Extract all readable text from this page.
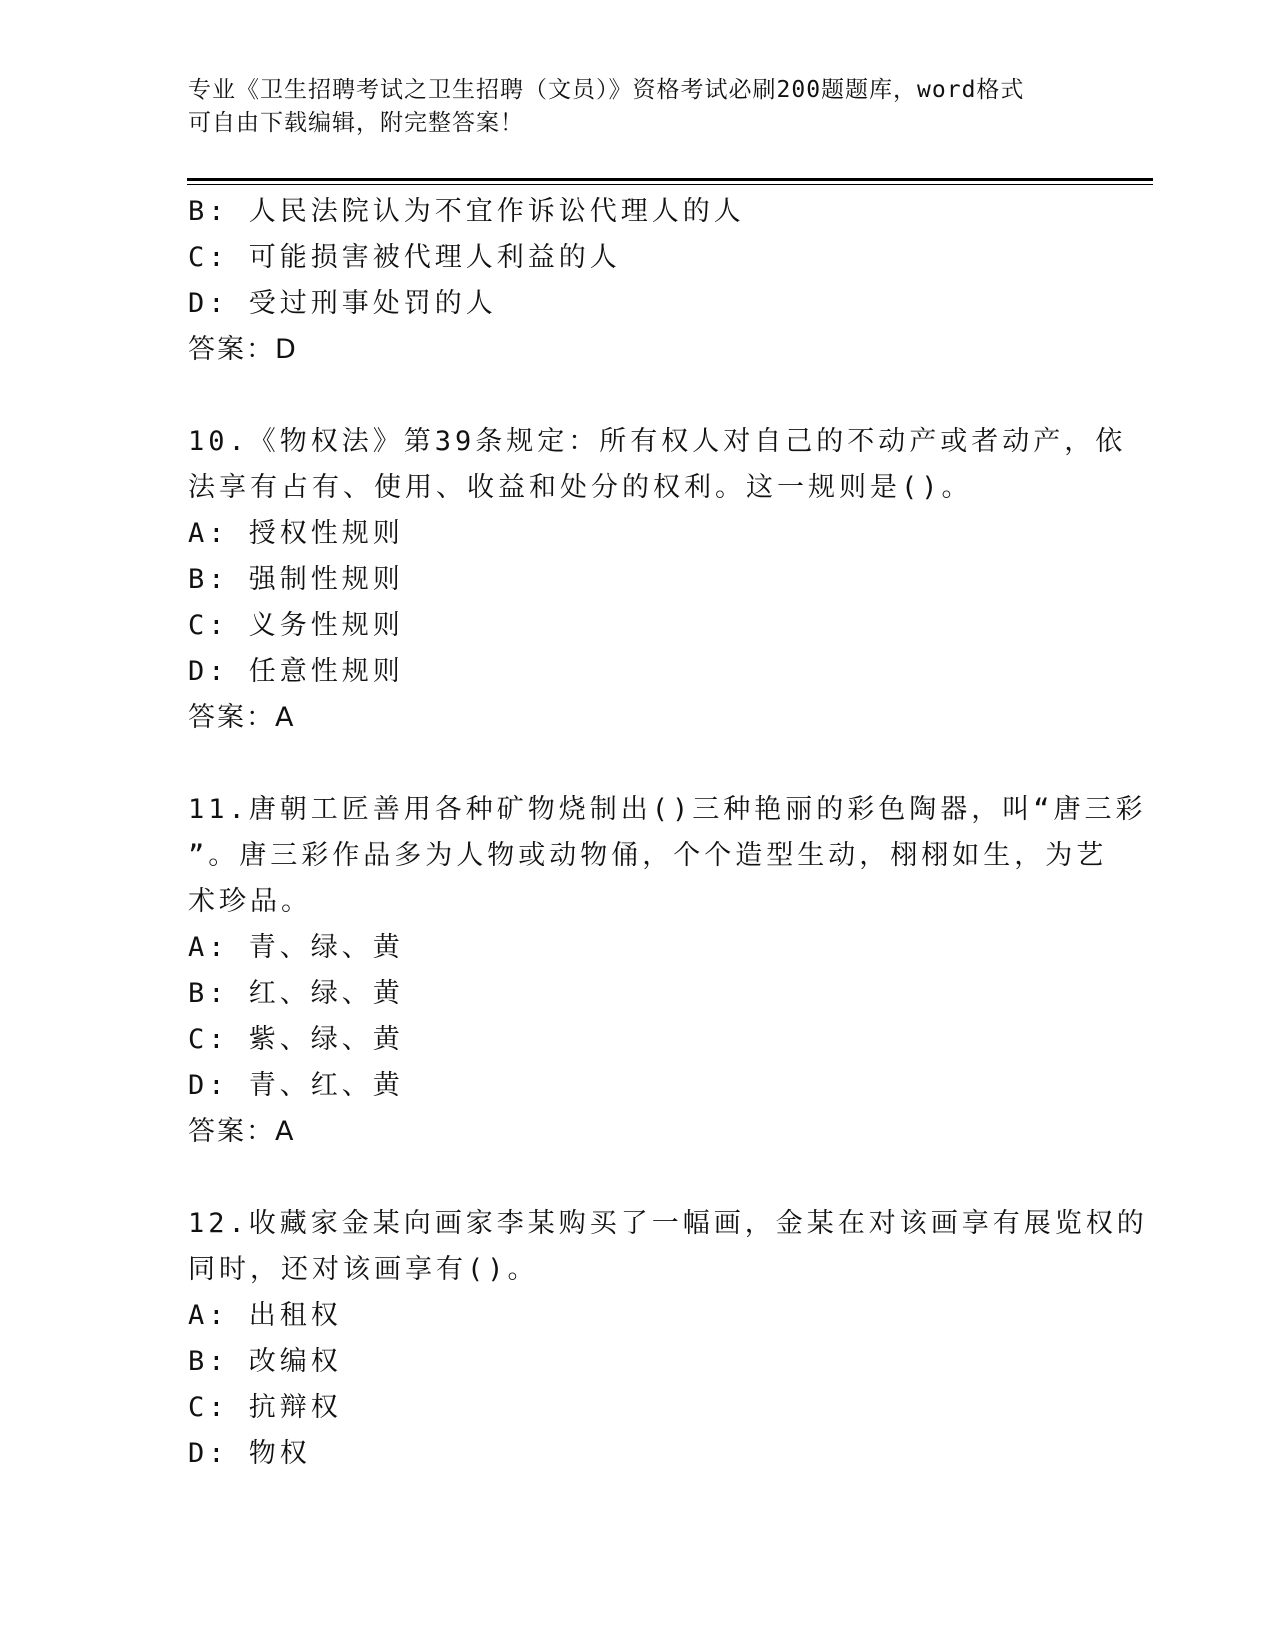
专业《卫生招聘考试之卫生招聘（文员）》资格考试必刷200题题库，word格式
可自由下载编辑，附完整答案！
B: 人民法院认为不宜作诉讼代理人的人
C: 可能损害被代理人利益的人
D: 受过刑事处罚的人
答案：D
10.《物权法》第39条规定：所有权人对自己的不动产或者动产，依
法享有占有、使用、收益和处分的权利。这一规则是()。
A: 授权性规则
B: 强制性规则
C: 义务性规则
D: 任意性规则
答案：A
11.唐朝工匠善用各种矿物烧制出()三种艳丽的彩色陶器，叫“唐三彩
”。唐三彩作品多为人物或动物俑，个个造型生动，栩栩如生，为艺
术珍品。
A: 青、绿、黄
B: 红、绿、黄
C: 紫、绿、黄
D: 青、红、黄
答案：A
12.收藏家金某向画家李某购买了一幅画，金某在对该画享有展览权的
同时，还对该画享有()。
A: 出租权
B: 改编权
C: 抗辩权
D: 物权
